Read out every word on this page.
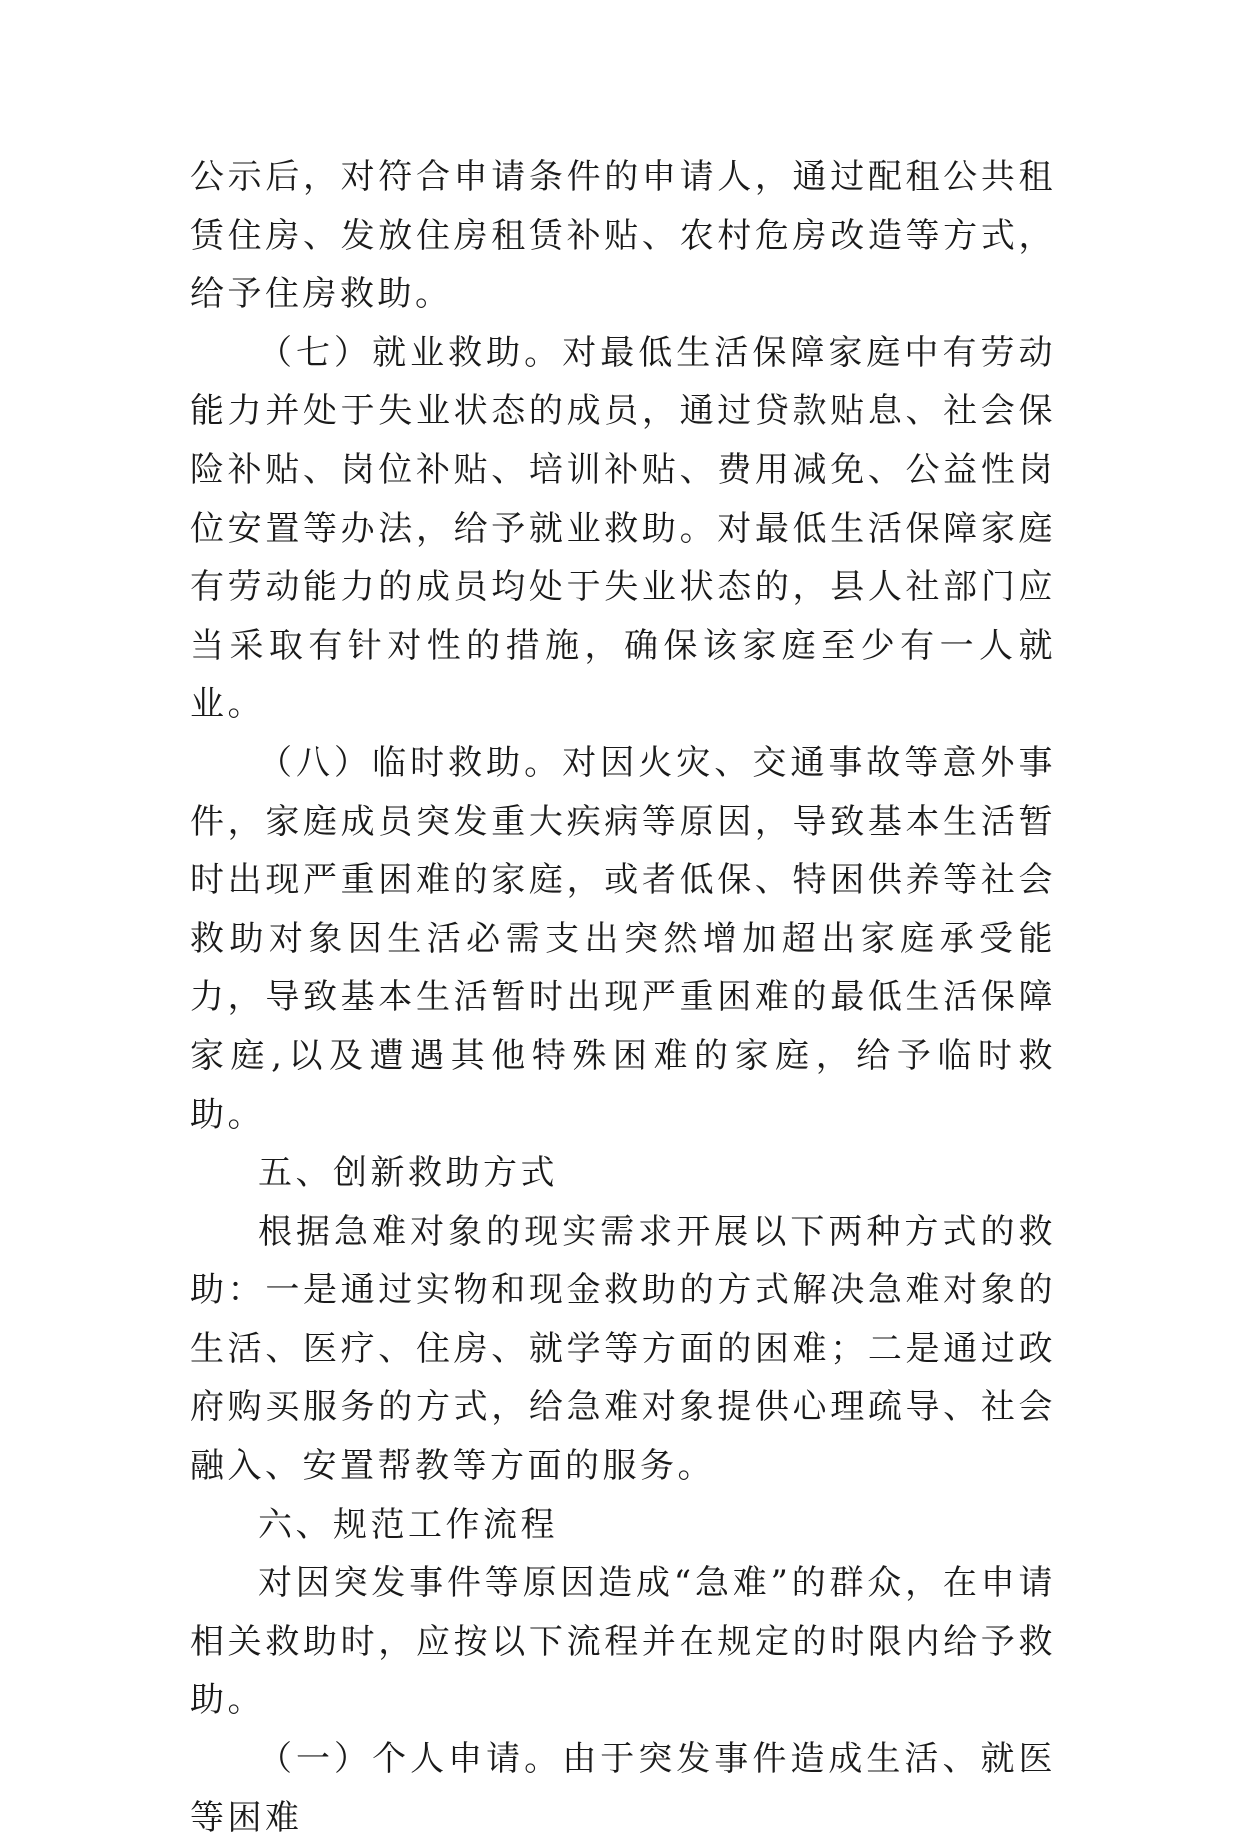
公示后，对符合申请条件的申请人，通过配租公共租赁住房、发放住房租赁补贴、农村危房改造等方式，给予住房救助。

（七）就业救助。对最低生活保障家庭中有劳动能力并处于失业状态的成员，通过贷款贴息、社会保险补贴、岗位补贴、培训补贴、费用减免、公益性岗位安置等办法，给予就业救助。对最低生活保障家庭有劳动能力的成员均处于失业状态的，县人社部门应当采取有针对性的措施，确保该家庭至少有一人就业。

（八）临时救助。对因火灾、交通事故等意外事件，家庭成员突发重大疾病等原因，导致基本生活暂时出现严重困难的家庭，或者低保、特困供养等社会救助对象因生活必需支出突然增加超出家庭承受能力，导致基本生活暂时出现严重困难的最低生活保障家庭,以及遭遇其他特殊困难的家庭，给予临时救助。

五、创新救助方式

根据急难对象的现实需求开展以下两种方式的救助：一是通过实物和现金救助的方式解决急难对象的生活、医疗、住房、就学等方面的困难；二是通过政府购买服务的方式，给急难对象提供心理疏导、社会融入、安置帮教等方面的服务。

六、规范工作流程

对因突发事件等原因造成“急难”的群众，在申请相关救助时，应按以下流程并在规定的时限内给予救助。

（一）个人申请。由于突发事件造成生活、就医等困难
